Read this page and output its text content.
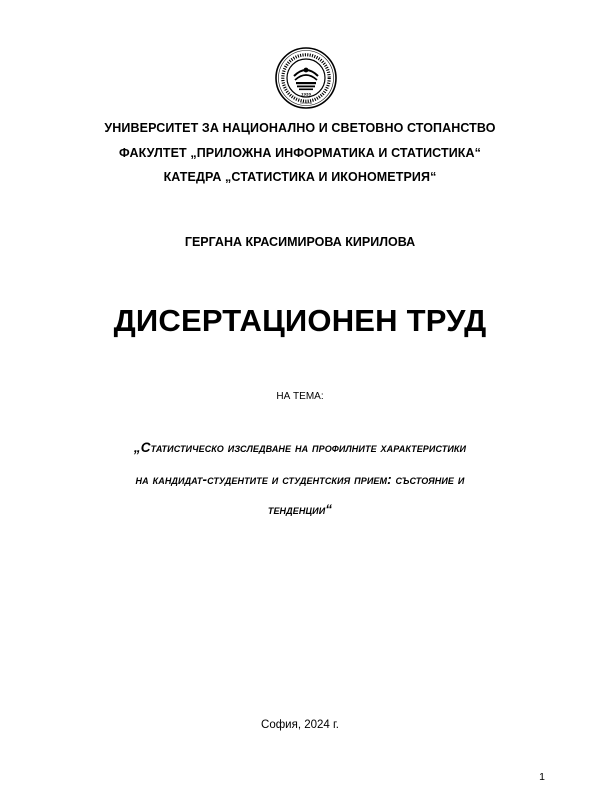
1920
СОФИЯ
УНИВЕРСИТЕТ ЗА НАЦИОНАЛНО И СВЕТОВНО СТОПАНСТВО
ФАКУЛТЕТ „ПРИЛОЖНА ИНФОРМАТИКА И СТАТИСТИКА“
КАТЕДРА „СТАТИСТИКА И ИКОНОМЕТРИЯ“
ГЕРГАНА КРАСИМИРОВА КИРИЛОВА
ДИСЕРТАЦИОНЕН ТРУД
НА ТЕМА:
„Статистическо изследване на профилните характеристики
на кандидат-студентите и студентския прием: състояние и
тенденции“
София, 2024 г.
1
